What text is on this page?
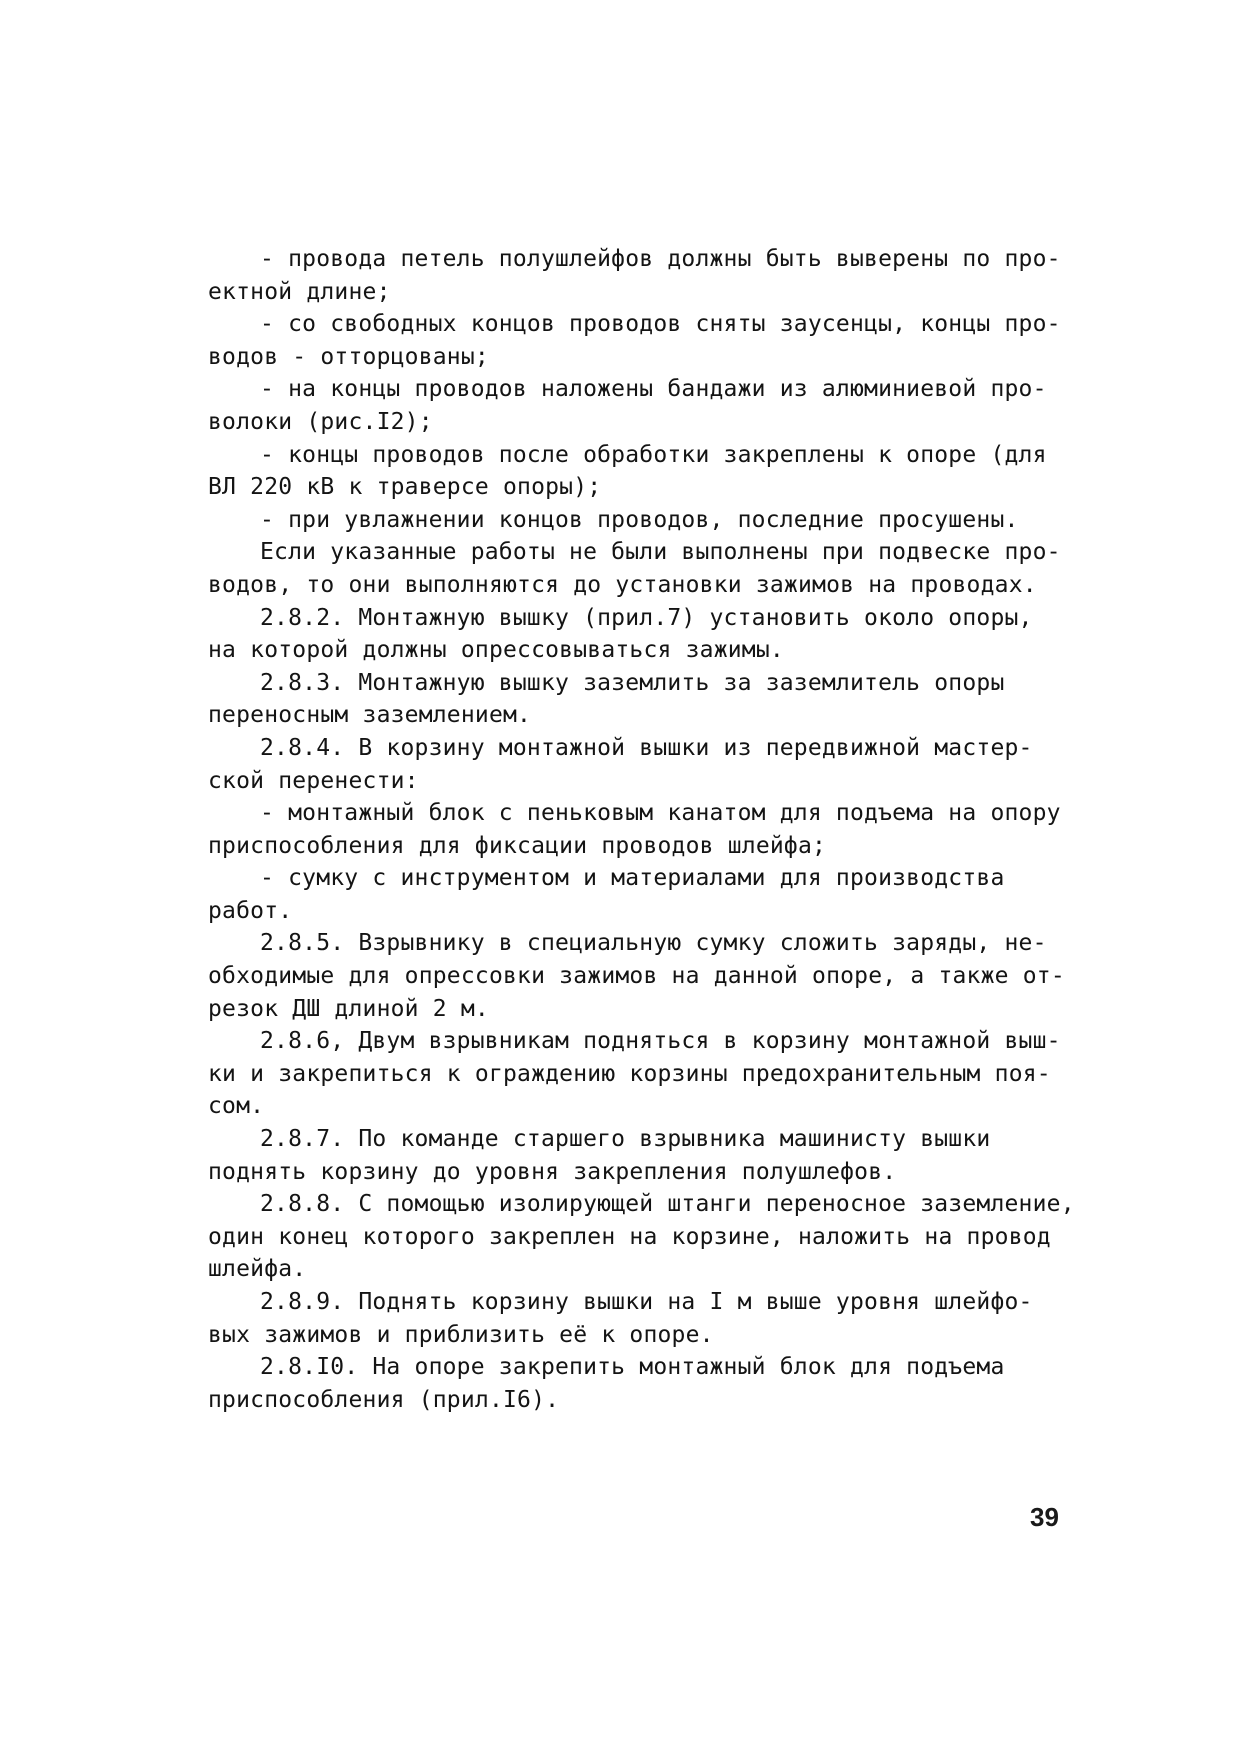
- провода петель полушлейфов должны быть выверены по про-
ектной длине;
- со свободных концов проводов сняты заусенцы, концы про-
водов - отторцованы;
- на концы проводов наложены бандажи из алюминиевой про-
волоки (рис.I2);
- концы проводов после обработки закреплены к опоре (для
ВЛ 220 кВ к траверсе опоры);
- при увлажнении концов проводов, последние просушены.
Если указанные работы не были выполнены при подвеске про-
водов, то они выполняются до установки зажимов на проводах.
2.8.2. Монтажную вышку (прил.7) установить около опоры,
на которой должны опрессовываться зажимы.
2.8.3. Монтажную вышку заземлить за заземлитель опоры
переносным заземлением.
2.8.4. В корзину монтажной вышки из передвижной мастер-
ской перенести:
- монтажный блок с пеньковым канатом для подъема на опору
приспособления для фиксации проводов шлейфа;
- сумку с инструментом и материалами для производства
работ.
2.8.5. Взрывнику в специальную сумку сложить заряды, не-
обходимые для опрессовки зажимов на данной опоре, а также от-
резок ДШ длиной 2 м.
2.8.6, Двум взрывникам подняться в корзину монтажной выш-
ки и закрепиться к ограждению корзины предохранительным поя-
сом.
2.8.7. По команде старшего взрывника машинисту вышки
поднять корзину до уровня закрепления полушлефов.
2.8.8. С помощью изолирующей штанги переносное заземление,
один конец которого закреплен на корзине, наложить на провод
шлейфа.
2.8.9. Поднять корзину вышки на I м выше уровня шлейфо-
вых зажимов и приблизить её к опоре.
2.8.I0. На опоре закрепить монтажный блок для подъема
приспособления (прил.I6).
39
